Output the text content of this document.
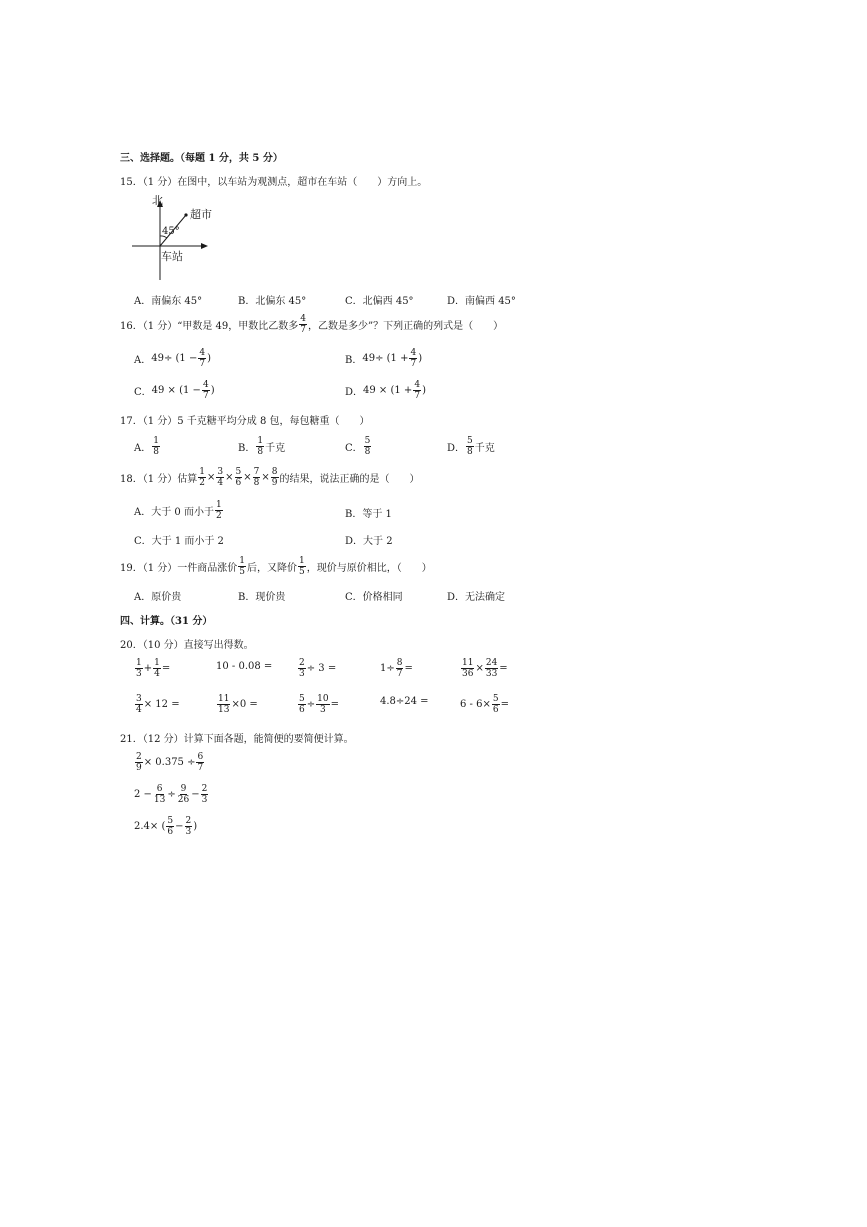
三、选择题。（每题 1 分，共 5 分）
15．（1 分）在图中，以车站为观测点，超市在车站（　　）方向上。
北
超市
45°
车站
A．南偏东 45°	B．北偏东 45°	C．北偏西 45°	D．南偏西 45°
16．（1 分）“甲数是 49，甲数比乙数多 $\frac{4}{7}$ ，乙数是多少”？下列正确的列式是（　　）
A． $49\div (1 - \frac{4}{7}$ )	B． $49\div (1 + \frac{4}{7}$ )
C． $49 \times (1 - \frac{4}{7}$ )	D． $49 \times (1 + \frac{4}{7}$ )
17．（1 分）5 千克糖平均分成 8 包，每包糖重（　　）
A． $\frac{1}{8}$	B． $\frac{1}{8}$ 千克	C． $\frac{5}{8}$	D． $\frac{5}{8}$ 千克
18．（1 分）估算 $\frac{1}{2} \times \frac{3}{4} \times \frac{5}{6} \times \frac{7}{8} \times \frac{8}{9}$ 的结果，说法正确的是（　　）
A．大于 0 而小于 $\frac{1}{2}$	B．等于 1
C．大于 1 而小于 2	D．大于 2
19．（1 分）一件商品涨价 $\frac{1}{5}$ 后，又降价 $\frac{1}{5}$ ，现价与原价相比，（　　）
A．原价贵	B．现价贵	C．价格相同	D．无法确定
四、计算。（31 分）
20．（10 分）直接写出得数。
$\frac{1}{3} + \frac{1}{4}$ =	10 - 0.08 =	$\frac{2}{3} \div 3$ =	$1\div \frac{8}{7}$ =	$\frac{11}{36} \times \frac{24}{33}$ =
$\frac{3}{4} \times 12$ =	$\frac{11}{13} \times 0$ =	$\frac{5}{6} \div \frac{10}{3}$ =	4.8÷24 =	$6 - 6\times \frac{5}{6}$ =
21．（12 分）计算下面各题，能简便的要简便计算。
$\frac{2}{9} \times 0.375 \div \frac{6}{7}$
$2 - \frac{6}{13} \div \frac{9}{26} - \frac{2}{3}$
2.4× ( $\frac{5}{6} - \frac{2}{3}$ )
